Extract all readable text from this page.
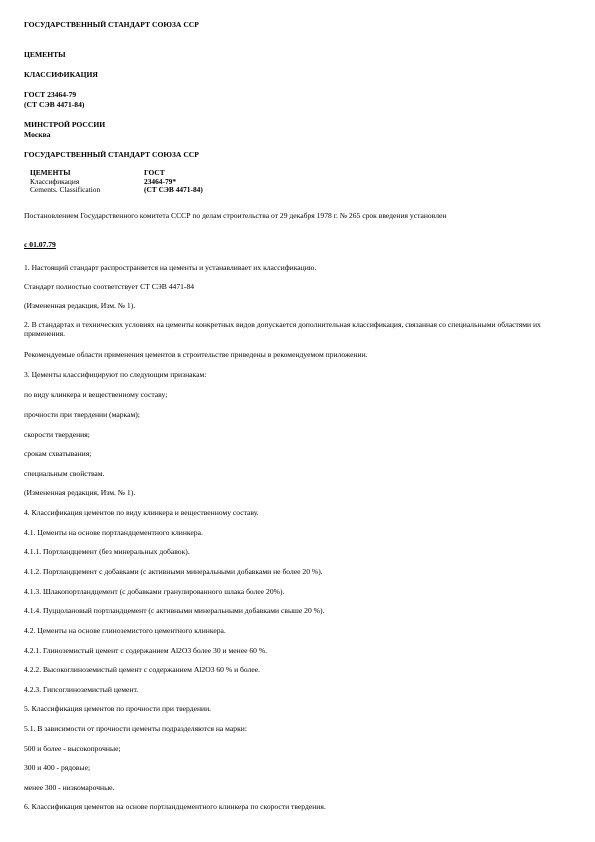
ГОСУДАРСТВЕННЫЙ СТАНДАРТ СОЮЗА ССР
ЦЕМЕНТЫ
КЛАССИФИКАЦИЯ
ГОСТ 23464-79
(СТ СЭВ 4471-84)
МИНСТРОЙ РОССИИ
Москва
ГОСУДАРСТВЕННЫЙ СТАНДАРТ СОЮЗА ССР
ЦЕМЕНТЫ	ГОСТ
Классификация	23464-79*
Cements. Classification	(СТ СЭВ 4471-84)
Постановлением Государственного комитета СССР по делам строительства от 29 декабря 1978 г. № 265 срок введения установлен
с 01.07.79
1. Настоящий стандарт распространяется на цементы и устанавливает их классификацию.
Стандарт полностью соответствует СТ СЭВ 4471-84
(Измененная редакция, Изм. № 1).
2. В стандартах и технических условиях на цементы конкретных видов допускается дополнительная классификация, связанная со специальными областями их применения.
Рекомендуемые области применения цементов в строительстве приведены в рекомендуемом приложении.
3. Цементы классифицируют по следующим признакам:
по виду клинкера и вещественному составу;
прочности при твердении (маркам);
скорости твердения;
срокам схватывания;
специальным свойствам.
(Измененная редакция, Изм. № 1).
4. Классификация цементов по виду клинкера и вещественному составу.
4.1. Цементы на основе портландцементного клинкера.
4.1.1. Портландцемент (без минеральных добавок).
4.1.2. Портландцемент с добавками (с активными минеральными добавками не более 20 %).
4.1.3. Шлакопортландцемент (с добавками гранулированного шлака более 20%).
4.1.4. Пуццолановый портландцемент (с активными минеральными добавками свыше 20 %).
4.2. Цементы на основе глиноземистого цементного клинкера.
4.2.1. Глиноземистый цемент с содержанием Al2O3 более 30 и менее 60 %.
4.2.2. Высокоглиноземистый цемент с содержанием Al2O3 60 % и более.
4.2.3. Гипсоглиноземистый цемент.
5. Классификация цементов по прочности при твердении.
5.1. В зависимости от прочности цементы подразделяются на марки:
500 и более - высокопрочные;
300 и 400 - рядовые;
менее 300 - низкомарочные.
6. Классификация цементов на основе портландцементного клинкера по скорости твердения.
